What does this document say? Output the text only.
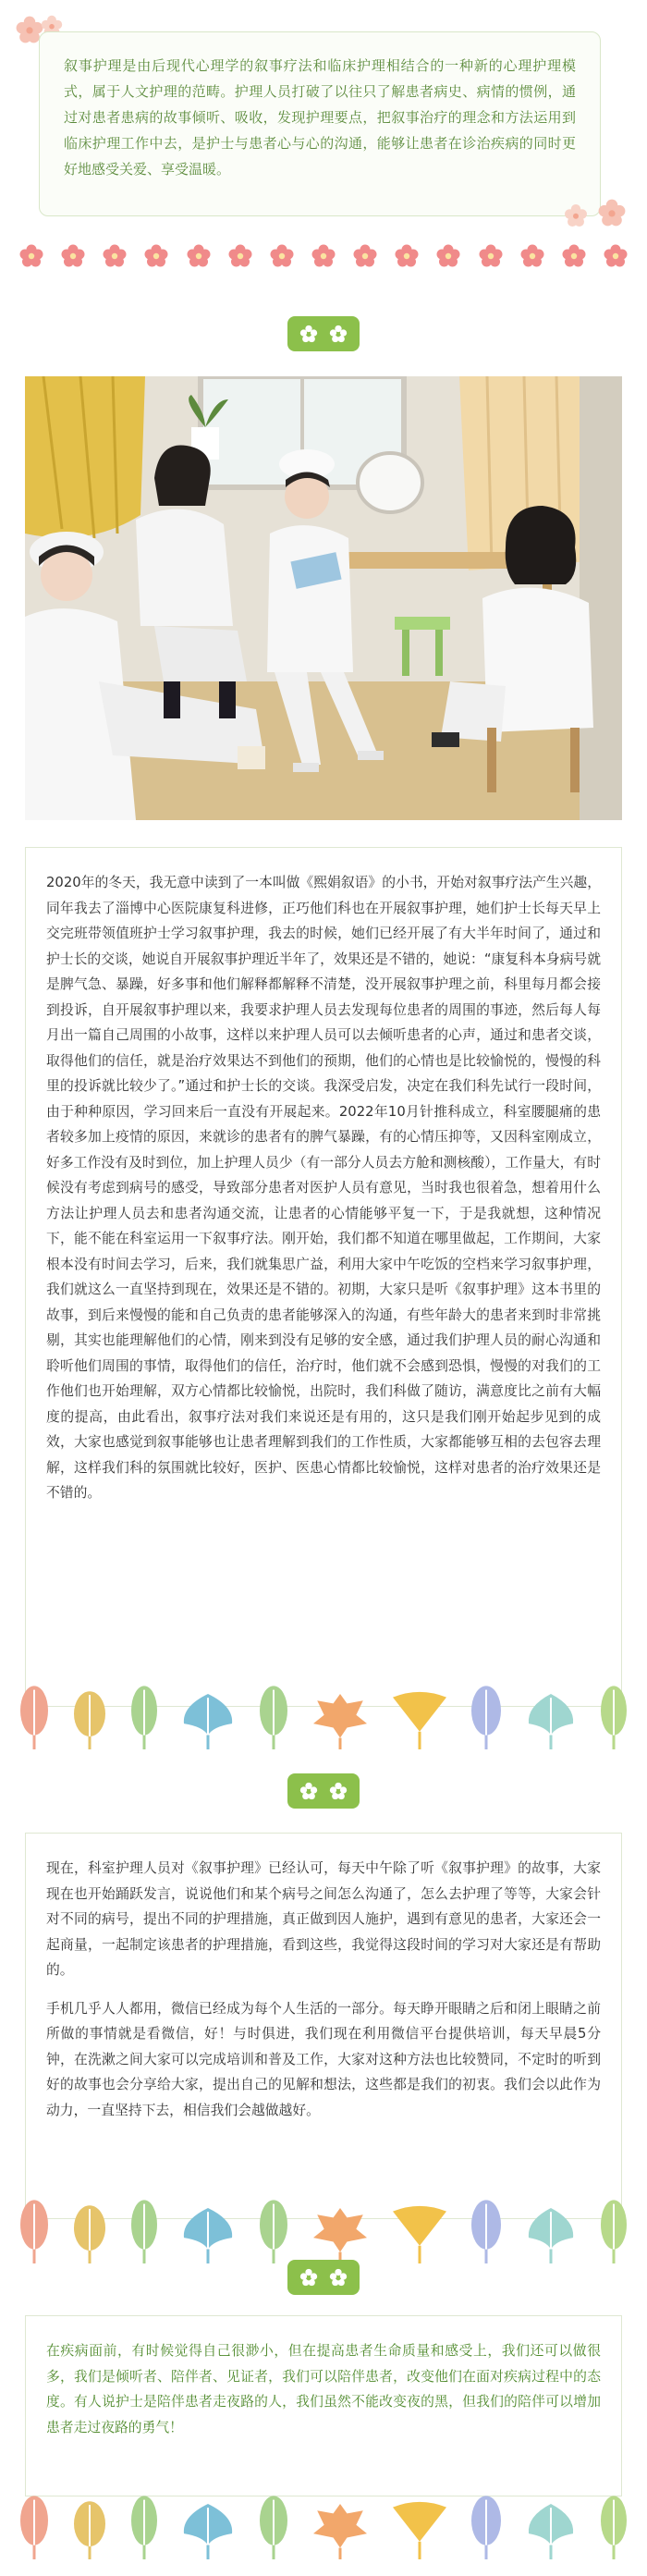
叙事护理是由后现代心理学的叙事疗法和临床护理相结合的一种新的心理护理模式，属于人文护理的范畴。护理人员打破了以往只了解患者病史、病情的惯例，通过对患者患病的故事倾听、吸收，发现护理要点，把叙事治疗的理念和方法运用到临床护理工作中去，是护士与患者心与心的沟通，能够让患者在诊治疾病的同时更好地感受关爱、享受温暖。

2020年的冬天，我无意中读到了一本叫做《熙娟叙语》的小书，开始对叙事疗法产生兴趣，同年我去了淄博中心医院康复科进修，正巧他们科也在开展叙事护理，她们护士长每天早上交完班带领值班护士学习叙事护理，我去的时候，她们已经开展了有大半年时间了，通过和护士长的交谈，她说自开展叙事护理近半年了，效果还是不错的，她说：“康复科本身病号就是脾气急、暴躁，好多事和他们解释都解释不清楚，没开展叙事护理之前，科里每月都会接到投诉，自开展叙事护理以来，我要求护理人员去发现每位患者的周围的事迹，然后每人每月出一篇自己周围的小故事，这样以来护理人员可以去倾听患者的心声，通过和患者交谈，取得他们的信任，就是治疗效果达不到他们的预期，他们的心情也是比较愉悦的，慢慢的科里的投诉就比较少了。”通过和护士长的交谈。我深受启发，决定在我们科先试行一段时间，由于种种原因，学习回来后一直没有开展起来。2022年10月针推科成立，科室腰腿痛的患者较多加上疫情的原因，来就诊的患者有的脾气暴躁，有的心情压抑等，又因科室刚成立，好多工作没有及时到位，加上护理人员少（有一部分人员去方舱和测核酸），工作量大，有时候没有考虑到病号的感受，导致部分患者对医护人员有意见，当时我也很着急，想着用什么方法让护理人员去和患者沟通交流，让患者的心情能够平复一下，于是我就想，这种情况下，能不能在科室运用一下叙事疗法。刚开始，我们都不知道在哪里做起，工作期间，大家根本没有时间去学习，后来，我们就集思广益，利用大家中午吃饭的空档来学习叙事护理，我们就这么一直坚持到现在，效果还是不错的。初期，大家只是听《叙事护理》这本书里的故事，到后来慢慢的能和自己负责的患者能够深入的沟通，有些年龄大的患者来到时非常挑剔，其实也能理解他们的心情，刚来到没有足够的安全感，通过我们护理人员的耐心沟通和聆听他们周围的事情，取得他们的信任，治疗时，他们就不会感到恐惧，慢慢的对我们的工作他们也开始理解，双方心情都比较愉悦，出院时，我们科做了随访，满意度比之前有大幅度的提高，由此看出，叙事疗法对我们来说还是有用的，这只是我们刚开始起步见到的成效，大家也感觉到叙事能够也让患者理解到我们的工作性质，大家都能够互相的去包容去理解，这样我们科的氛围就比较好，医护、医患心情都比较愉悦，这样对患者的治疗效果还是不错的。

现在，科室护理人员对《叙事护理》已经认可，每天中午除了听《叙事护理》的故事，大家现在也开始踊跃发言，说说他们和某个病号之间怎么沟通了，怎么去护理了等等，大家会针对不同的病号，提出不同的护理措施，真正做到因人施护，遇到有意见的患者，大家还会一起商量，一起制定该患者的护理措施，看到这些，我觉得这段时间的学习对大家还是有帮助的。

手机几乎人人都用，微信已经成为每个人生活的一部分。每天睁开眼睛之后和闭上眼睛之前所做的事情就是看微信，好！与时俱进，我们现在利用微信平台提供培训，每天早晨5分钟，在洗漱之间大家可以完成培训和普及工作，大家对这种方法也比较赞同，不定时的听到好的故事也会分享给大家，提出自己的见解和想法，这些都是我们的初衷。我们会以此作为动力，一直坚持下去，相信我们会越做越好。

在疾病面前，有时候觉得自己很渺小，但在提高患者生命质量和感受上，我们还可以做很多，我们是倾听者、陪伴者、见证者，我们可以陪伴患者，改变他们在面对疾病过程中的态度。有人说护士是陪伴患者走夜路的人，我们虽然不能改变夜的黑，但我们的陪伴可以增加患者走过夜路的勇气！
